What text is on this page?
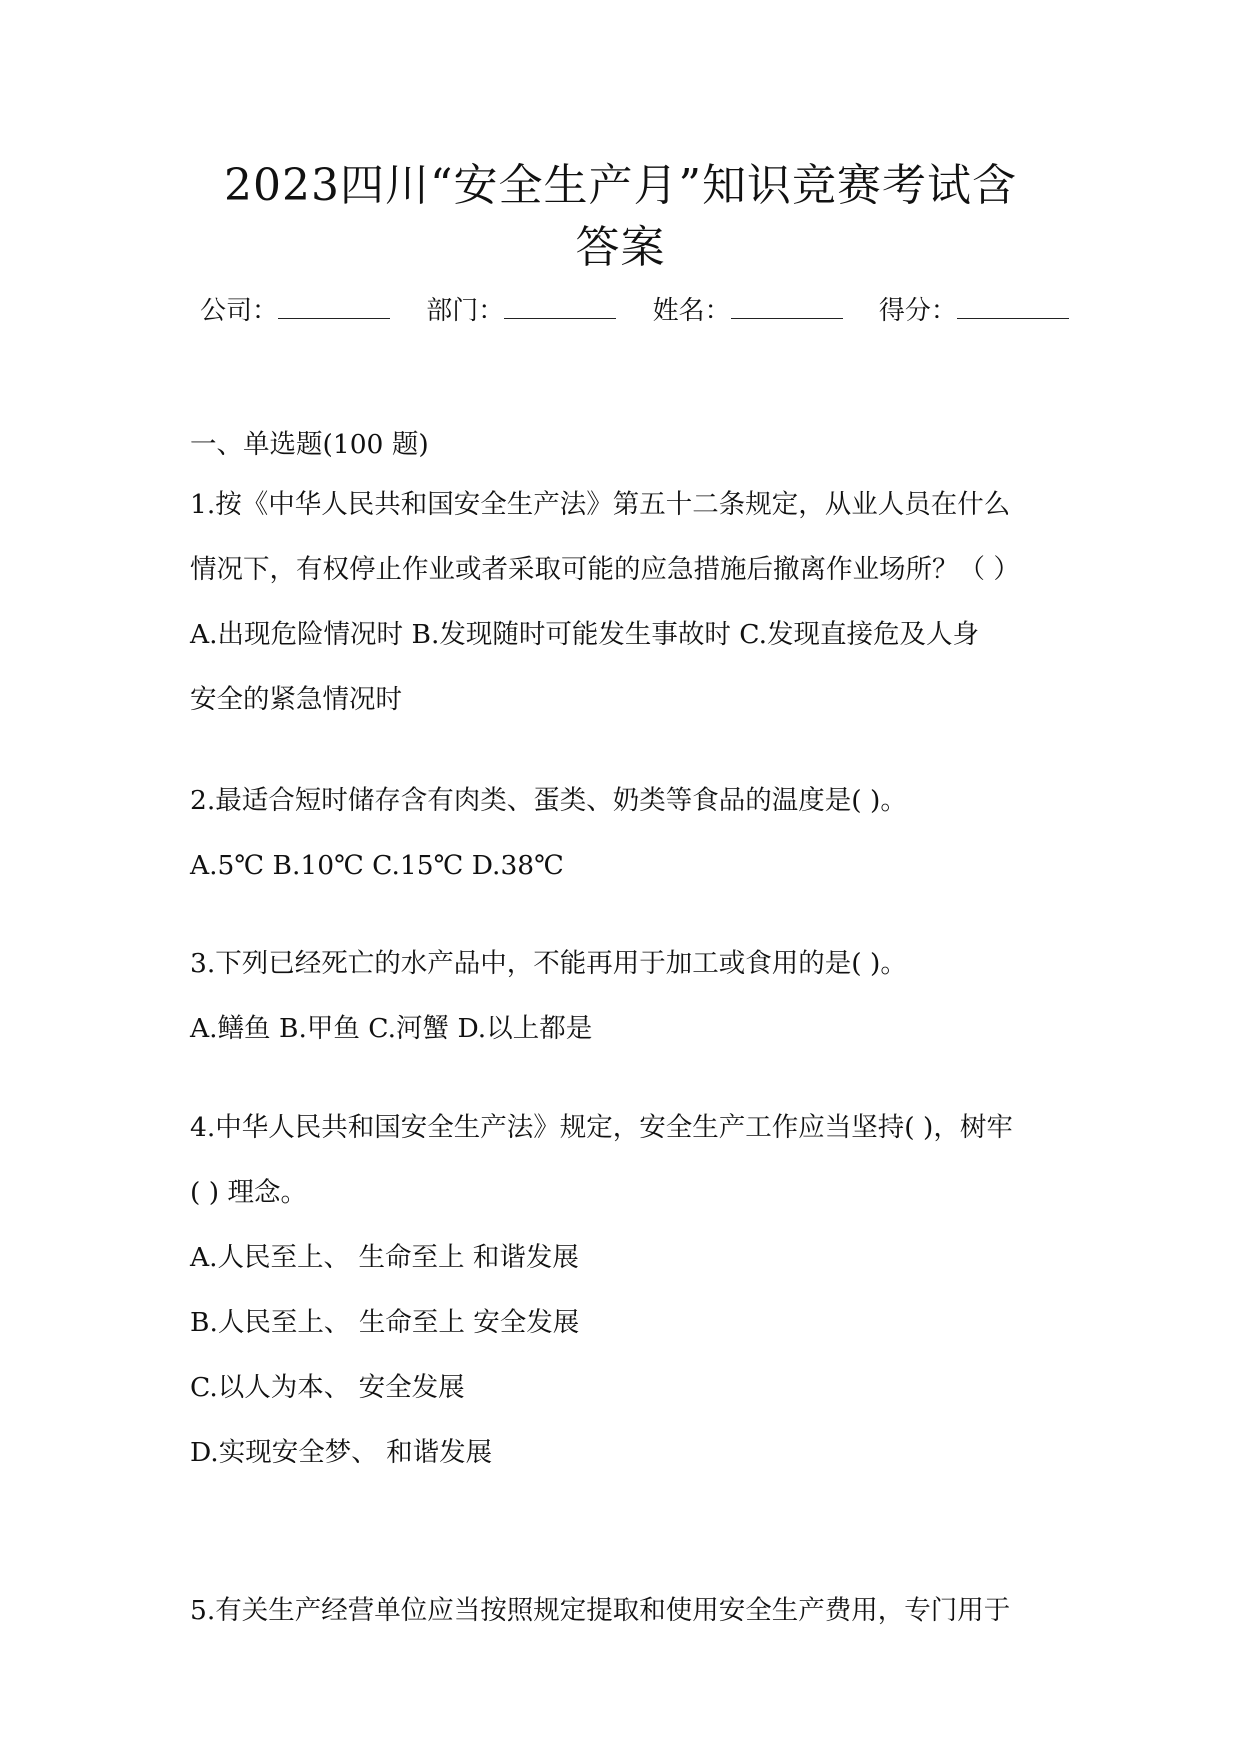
2023四川“安全生产月”知识竞赛考试含
答案
公司：	部门：	姓名：	得分：
一、单选题(100 题)
1.按《中华人民共和国安全生产法》第五十二条规定，从业人员在什么
情况下，有权停止作业或者采取可能的应急措施后撤离作业场所？（ ）
A.出现危险情况时 B.发现随时可能发生事故时 C.发现直接危及人身
安全的紧急情况时
2.最适合短时储存含有肉类、蛋类、奶类等食品的温度是( )。
A.5℃ B.10℃ C.15℃ D.38℃
3.下列已经死亡的水产品中，不能再用于加工或食用的是( )。
A.鳝鱼 B.甲鱼 C.河蟹 D.以上都是
4.中华人民共和国安全生产法》规定，安全生产工作应当坚持( )，树牢
( ) 理念。
A.人民至上、 生命至上 和谐发展
B.人民至上、 生命至上 安全发展
C.以人为本、 安全发展
D.实现安全梦、 和谐发展
5.有关生产经营单位应当按照规定提取和使用安全生产费用，专门用于
